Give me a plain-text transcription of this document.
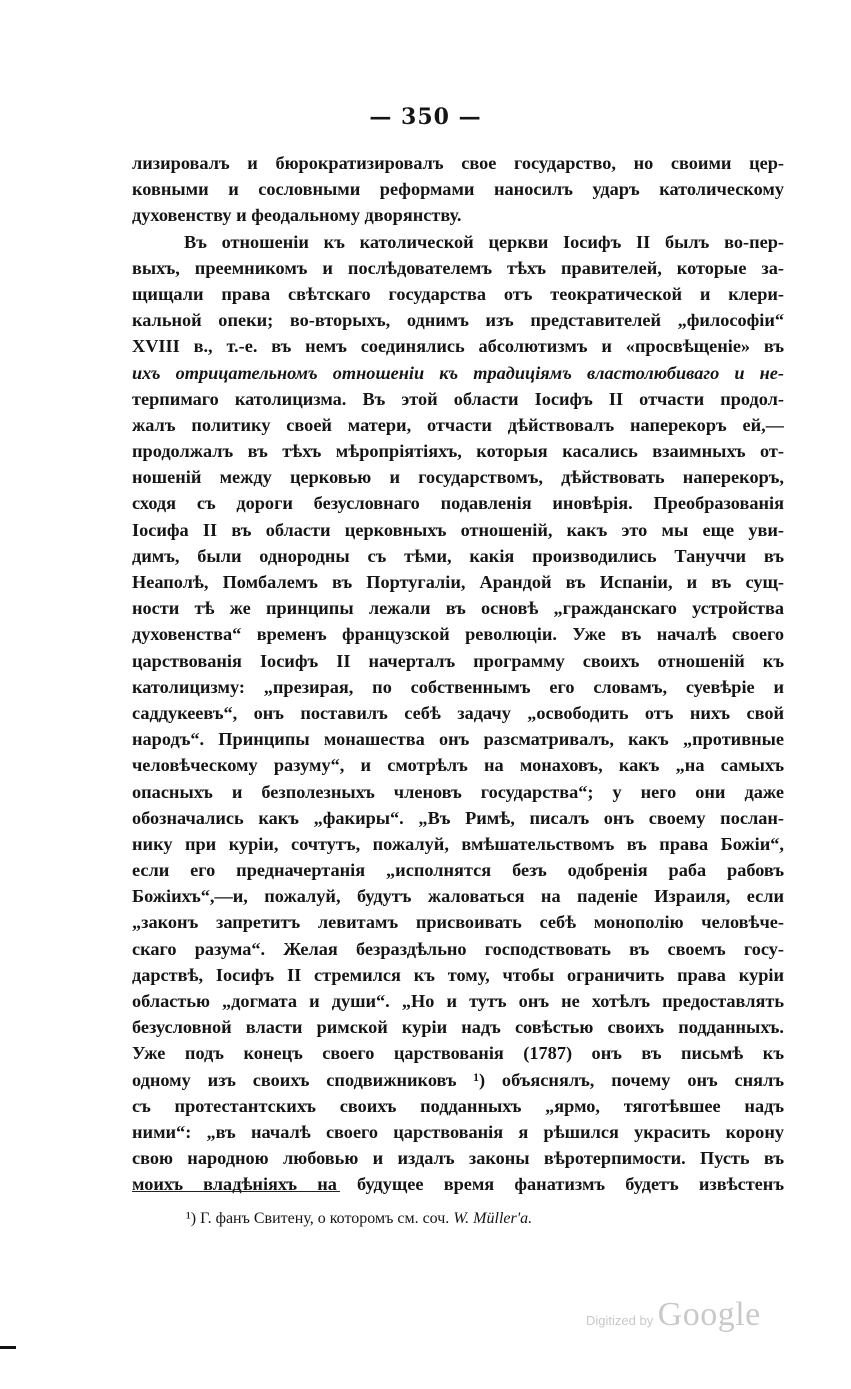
— 350 —
лизировалъ и бюрократизировалъ свое государство, но своими цер-
ковными и сословными реформами наносилъ ударъ католическому
духовенству и феодальному дворянству.
Въ отношеніи къ католической церкви Іосифъ II былъ во-пер-
выхъ, преемникомъ и послѣдователемъ тѣхъ правителей, которые за-
щищали права свѣтскаго государства отъ теократической и клери-
кальной опеки; во-вторыхъ, однимъ изъ представителей „философіи“
XVIII в., т.-е. въ немъ соединялись абсолютизмъ и «просвѣщеніе» въ
ихъ отрицательномъ отношеніи къ традиціямъ властолюбиваго и не-
терпимаго католицизма. Въ этой области Іосифъ II отчасти продол-
жалъ политику своей матери, отчасти дѣйствовалъ наперекоръ ей,—
продолжалъ въ тѣхъ мѣропріятіяхъ, которыя касались взаимныхъ от-
ношеній между церковью и государствомъ, дѣйствовать наперекоръ,
сходя съ дороги безусловнаго подавленія иновѣрія. Преобразованія
Іосифа II въ области церковныхъ отношеній, какъ это мы еще уви-
димъ, были однородны съ тѣми, какія производились Тануччи въ
Неаполѣ, Помбалемъ въ Португаліи, Арандой въ Испаніи, и въ сущ-
ности тѣ же принципы лежали въ основѣ „гражданскаго устройства
духовенства“ временъ французской революціи. Уже въ началѣ своего
царствованія Іосифъ II начерталъ программу своихъ отношеній къ
католицизму: „презирая, по собственнымъ его словамъ, суевѣріе и
саддукеевъ“, онъ поставилъ себѣ задачу „освободить отъ нихъ свой
народъ“. Принципы монашества онъ разсматривалъ, какъ „противные
человѣческому разуму“, и смотрѣлъ на монаховъ, какъ „на самыхъ
опасныхъ и безполезныхъ членовъ государства“; у него они даже
обозначались какъ „факиры“. „Въ Римѣ, писалъ онъ своему послан-
нику при куріи, сочтутъ, пожалуй, вмѣшательствомъ въ права Божіи“,
если его предначертанія „исполнятся безъ одобренія раба рабовъ
Божіихъ“,—и, пожалуй, будутъ жаловаться на паденіе Израиля, если
„законъ запретитъ левитамъ присвоивать себѣ монополію человѣче-
скаго разума“. Желая безраздѣльно господствовать въ своемъ госу-
дарствѣ, Іосифъ II стремился къ тому, чтобы ограничить права куріи
областью „догмата и души“. „Но и тутъ онъ не хотѣлъ предоставлять
безусловной власти римской куріи надъ совѣстью своихъ подданныхъ.
Уже подъ конецъ своего царствованія (1787) онъ въ письмѣ къ
одному изъ своихъ сподвижниковъ ¹) объяснялъ, почему онъ снялъ
съ протестантскихъ своихъ подданныхъ „ярмо, тяготѣвшее надъ
ними“: „въ началѣ своего царствованія я рѣшился украсить корону
свою народною любовью и издалъ законы вѣротерпимости. Пусть въ
моихъ владѣніяхъ на будущее время фанатизмъ будетъ извѣстенъ
¹) Г. фанъ Свитену, о которомъ см. соч. W. Müller'a.
Digitized by Google
